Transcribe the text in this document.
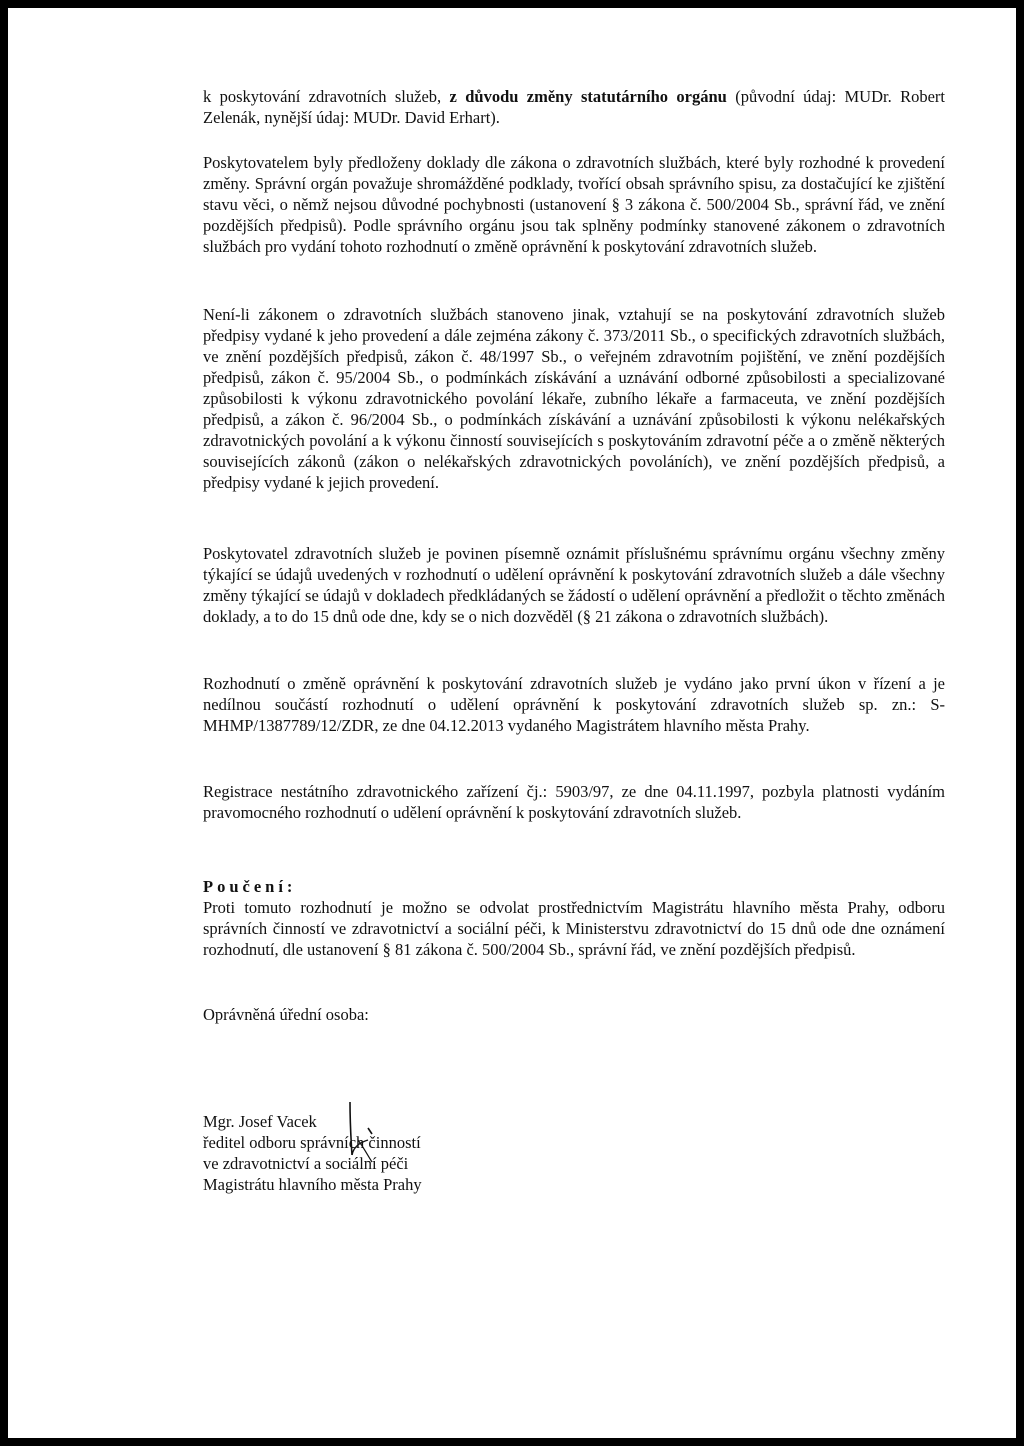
k poskytování zdravotních služeb, z důvodu změny statutárního orgánu (původní údaj: MUDr. Robert Zelenák, nynější údaj: MUDr. David Erhart).

Poskytovatelem byly předloženy doklady dle zákona o zdravotních službách, které byly rozhodné k provedení změny. Správní orgán považuje shromážděné podklady, tvořící obsah správního spisu, za dostačující ke zjištění stavu věci, o němž nejsou důvodné pochybnosti (ustanovení § 3 zákona č. 500/2004 Sb., správní řád, ve znění pozdějších předpisů). Podle správního orgánu jsou tak splněny podmínky stanovené zákonem o zdravotních službách pro vydání tohoto rozhodnutí o změně oprávnění k poskytování zdravotních služeb.

Není-li zákonem o zdravotních službách stanoveno jinak, vztahují se na poskytování zdravotních služeb předpisy vydané k jeho provedení a dále zejména zákony č. 373/2011 Sb., o specifických zdravotních službách, ve znění pozdějších předpisů, zákon č. 48/1997 Sb., o veřejném zdravotním pojištění, ve znění pozdějších předpisů, zákon č. 95/2004 Sb., o podmínkách získávání a uznávání odborné způsobilosti a specializované způsobilosti k výkonu zdravotnického povolání lékaře, zubního lékaře a farmaceuta, ve znění pozdějších předpisů, a zákon č. 96/2004 Sb., o podmínkách získávání a uznávání způsobilosti k výkonu nelékařských zdravotnických povolání a k výkonu činností souvisejících s poskytováním zdravotní péče a o změně některých souvisejících zákonů (zákon o nelékařských zdravotnických povoláních), ve znění pozdějších předpisů, a předpisy vydané k jejich provedení.

Poskytovatel zdravotních služeb je povinen písemně oznámit příslušnému správnímu orgánu všechny změny týkající se údajů uvedených v rozhodnutí o udělení oprávnění k poskytování zdravotních služeb a dále všechny změny týkající se údajů v dokladech předkládaných se žádostí o udělení oprávnění a předložit o těchto změnách doklady, a to do 15 dnů ode dne, kdy se o nich dozvěděl (§ 21 zákona o zdravotních službách).

Rozhodnutí o změně oprávnění k poskytování zdravotních služeb je vydáno jako první úkon v řízení a je nedílnou součástí rozhodnutí o udělení oprávnění k poskytování zdravotních služeb sp. zn.: S-MHMP/1387789/12/ZDR, ze dne 04.12.2013 vydaného Magistrátem hlavního města Prahy.

Registrace nestátního zdravotnického zařízení čj.: 5903/97, ze dne 04.11.1997, pozbyla platnosti vydáním pravomocného rozhodnutí o udělení oprávnění k poskytování zdravotních služeb.

Poučení:

Proti tomuto rozhodnutí je možno se odvolat prostřednictvím Magistrátu hlavního města Prahy, odboru správních činností ve zdravotnictví a sociální péči, k Ministerstvu zdravotnictví do 15 dnů ode dne oznámení rozhodnutí, dle ustanovení § 81 zákona č. 500/2004 Sb., správní řád, ve znění pozdějších předpisů.

Oprávněná úřední osoba:

Mgr. Josef Vacek
ředitel odboru správních činností
ve zdravotnictví a sociální péči
Magistrátu hlavního města Prahy
